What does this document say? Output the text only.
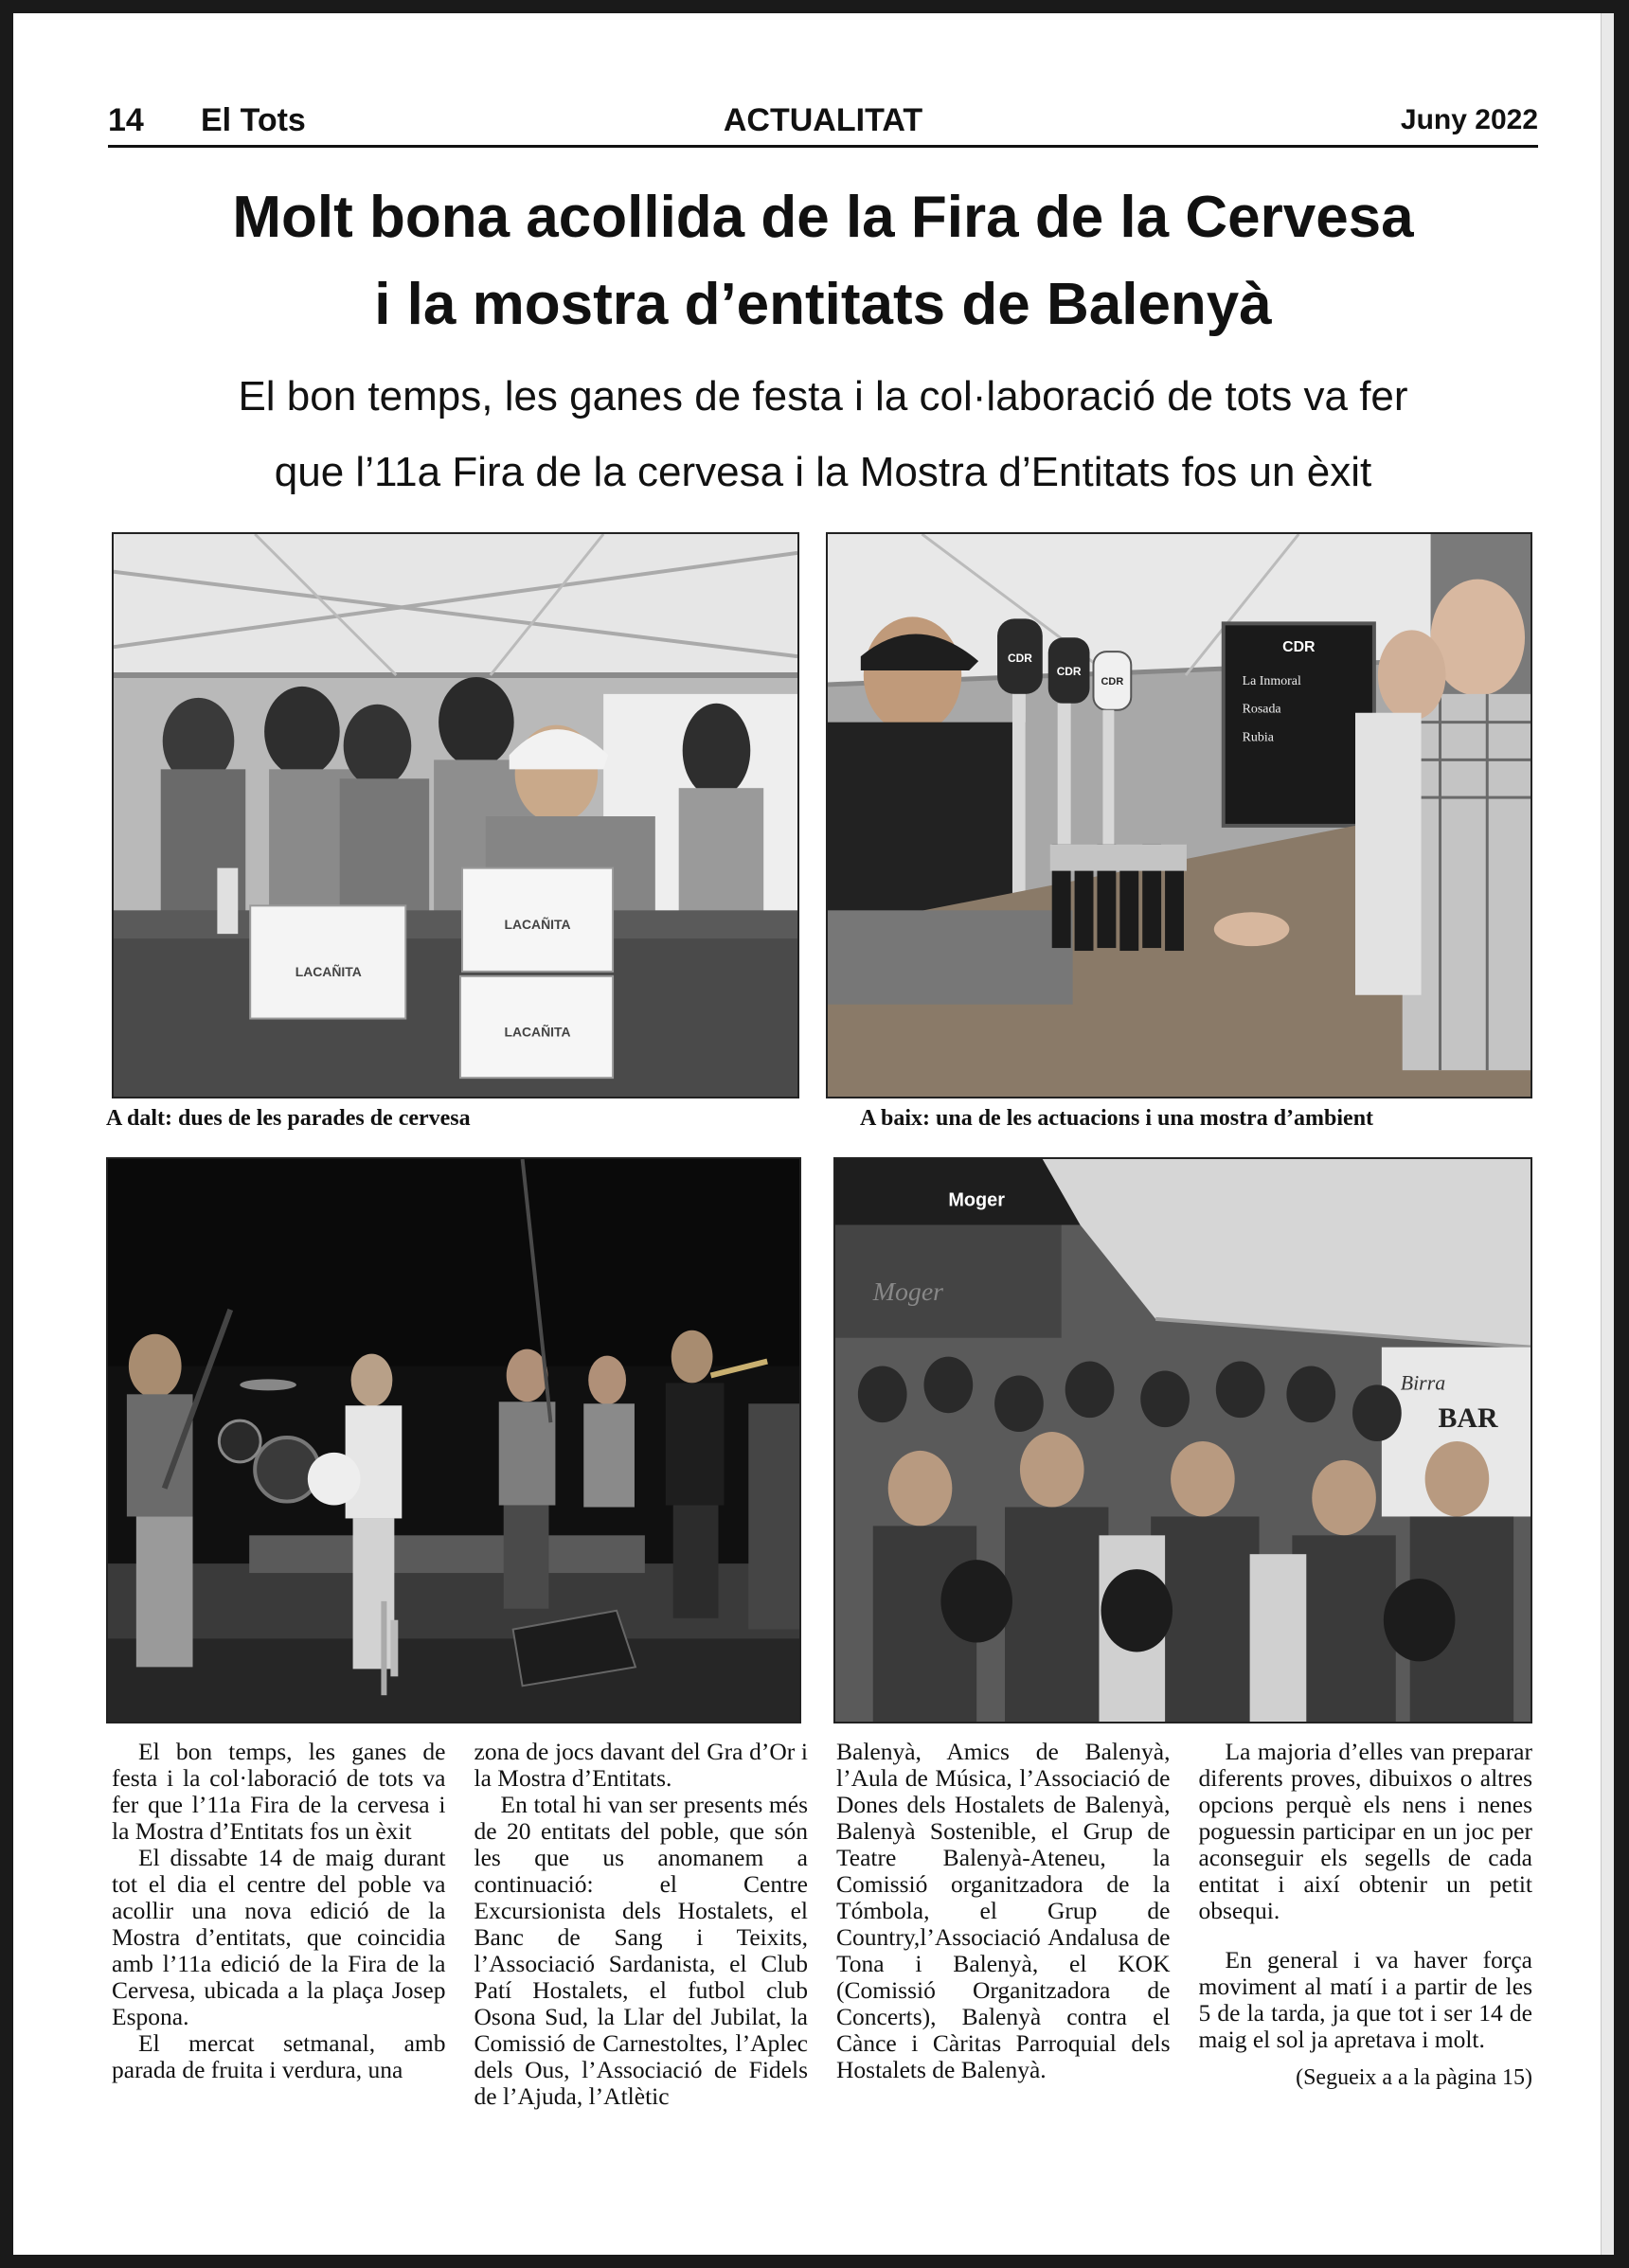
14 El Tots	ACTUALITAT	Juny 2022
Molt bona acollida de la Fira de la Cervesa
i la mostra d’entitats de Balenyà
El bon temps, les ganes de festa i la col·laboració de tots va fer
que l’11a Fira de la cervesa i la Mostra d’Entitats fos un èxit
LACAÑITA
LACAÑITA
LACAÑITA
CDR
La Inmoral
Rosada
Rubia
CDR
CDR
CDR
A dalt: dues de les parades de cervesa	A baix: una de les actuacions i una mostra d’ambient
Moger
Moger
Birra
BAR

El bon temps, les ganes de festa i la col·laboració de tots va fer que l’11a Fira de la cervesa i la Mostra d’Entitats fos un èxit

El dissabte 14 de maig durant tot el dia el centre del poble va acollir una nova edició de la Mostra d’entitats, que coincidia amb l’11a edició de la Fira de la Cervesa, ubicada a la plaça Josep Espona.

El mercat setmanal, amb parada de fruita i verdura, una

zona de jocs davant del Gra d’Or i la Mostra d’Entitats.

En total hi van ser presents més de 20 entitats del poble, que són les que us anomanem a continuació: el Centre Excursionista dels Hostalets, el Banc de Sang i Teixits, l’Associació Sardanista, el Club Patí Hostalets, el futbol club Osona Sud, la Llar del Jubilat, la Comissió de Carnestoltes, l’Aplec dels Ous, l’Associació de Fidels de l’Ajuda, l’Atlètic

Balenyà, Amics de Balenyà, l’Aula de Música, l’Associació de Dones dels Hostalets de Balenyà, Balenyà Sostenible, el Grup de Teatre Balenyà-Ateneu, la Comissió organitzadora de la Tómbola, el Grup de Country,l’Associació Andalusa de Tona i Balenyà, el KOK (Comissió Organitzadora de Concerts), Balenyà contra el Cànce i Càritas Parroquial dels Hostalets de Balenyà.

La majoria d’elles van preparar diferents proves, dibuixos o altres opcions perquè els nens i nenes poguessin participar en un joc per aconseguir els segells de cada entitat i així obtenir un petit obsequi.

En general i va haver força moviment al matí i a partir de les 5 de la tarda, ja que tot i ser 14 de maig el sol ja apretava i molt.

(Segueix a a la pàgina 15)
